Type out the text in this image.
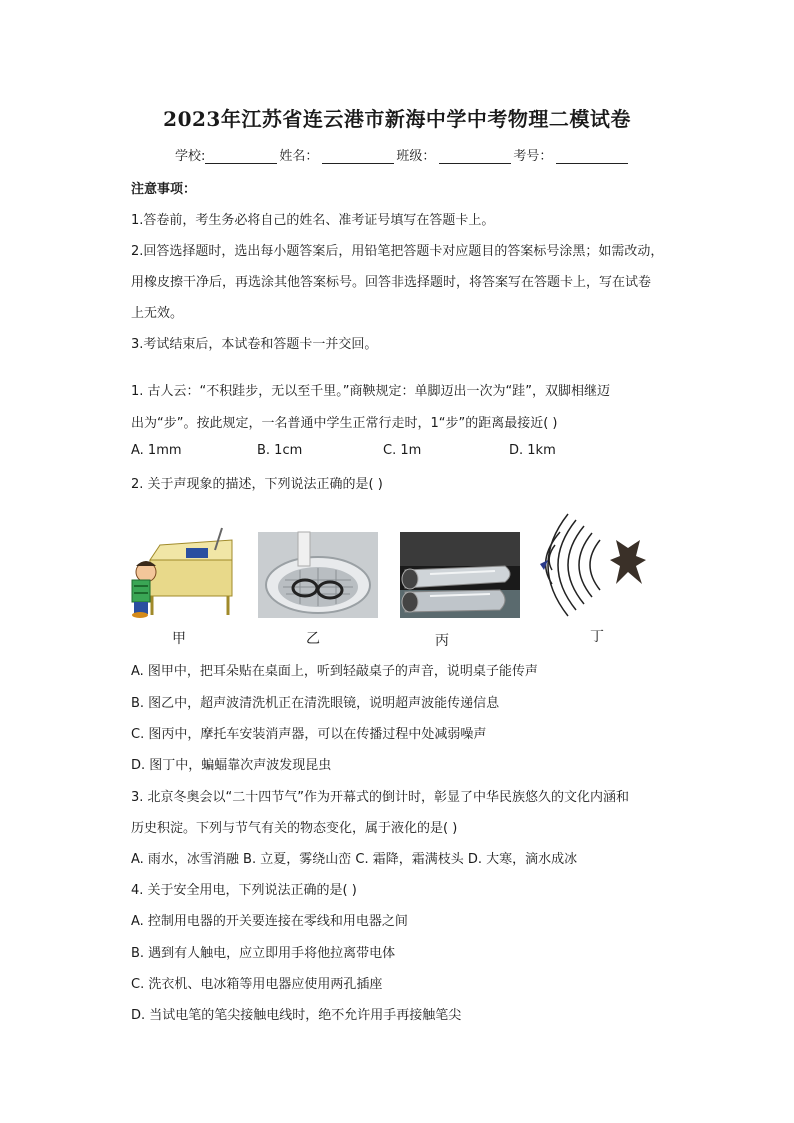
2023年江苏省连云港市新海中学中考物理二模试卷
学校:	姓名：	班级：	考号：
注意事项：
1.答卷前，考生务必将自己的姓名、准考证号填写在答题卡上。
2.回答选择题时，选出每小题答案后，用铅笔把答题卡对应题目的答案标号涂黑；如需改动，
用橡皮擦干净后，再选涂其他答案标号。回答非选择题时，将答案写在答题卡上，写在试卷
上无效。
3.考试结束后，本试卷和答题卡一并交回。
1. 古人云：“不积跬步，无以至千里。”商鞅规定：单脚迈出一次为“跬”，双脚相继迈
出为“步”。按此规定，一名普通中学生正常行走时，1“步”的距离最接近( )
A. 1mm	B. 1cm	C. 1m	D. 1km
2. 关于声现象的描述，下列说法正确的是( )
甲	乙	丙	丁
A. 图甲中，把耳朵贴在桌面上，听到轻敲桌子的声音，说明桌子能传声
B. 图乙中，超声波清洗机正在清洗眼镜，说明超声波能传递信息
C. 图丙中，摩托车安装消声器，可以在传播过程中处减弱噪声
D. 图丁中，蝙蝠靠次声波发现昆虫
3. 北京冬奥会以“二十四节气”作为开幕式的倒计时，彰显了中华民族悠久的文化内涵和
历史积淀。下列与节气有关的物态变化，属于液化的是( )
A. 雨水，冰雪消融 B. 立夏，雾绕山峦 C. 霜降，霜满枝头 D. 大寒，滴水成冰
4. 关于安全用电，下列说法正确的是( )
A. 控制用电器的开关要连接在零线和用电器之间
B. 遇到有人触电，应立即用手将他拉离带电体
C. 洗衣机、电冰箱等用电器应使用两孔插座
D. 当试电笔的笔尖接触电线时，绝不允许用手再接触笔尖
